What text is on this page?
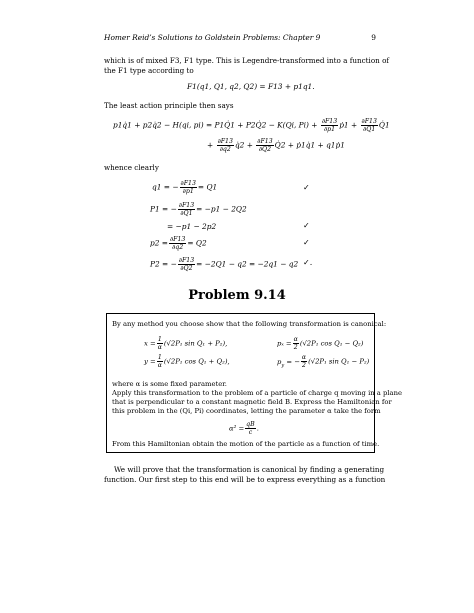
Homer Reid’s Solutions to Goldstein Problems: Chapter 9	9
which is of mixed F3, F1 type. This is Legendre-transformed into a function of
the F1 type according to
F1(q1, Q1, q2, Q2) = F13 + p1q1.
The least action principle then says
p1q̇1 + p2q̇2 − H(qi, pi) = P1Q̇1 + P2Q̇2 − K(Qi, $Pi) + \frac{\partial F13}{\partial p1}$ ṗ1 + $\frac{\partial F13}{\partial Q1}$ Q̇1
+ $\frac{\partial F13}{\partial q2}$ q̇2 + $\frac{\partial F13}{\partial Q2}$ Q̇2 + ṗ1q̇1 + q1ṗ1
whence clearly
q1 = − $\frac{\partial F13}{\partial p1} = Q1$	✓
P1 = − $\frac{\partial F13}{\partial Q1} = -p1 - 2Q2$
= −p1 − 2p2	✓
$p2 = \frac{\partial F13}{\partial q2} = Q2$	✓
P2 = − $\frac{\partial F13}{\partial Q2} = -2Q1 - q2 = -2q1 - q2$ ✓.
Problem 9.14
By any method you choose show that the following transformation is canonical:
$x = \frac{1}{\alpha} (√2P_1$ sin Q₁ + P₂),	$p_x = \frac{\alpha}{2} (√2P_1$ cos Q₁ − Q₂)
$y = \frac{1}{\alpha} (√2P_1$ cos Q₁ + Q₂),	$p_y$ = − $\frac{\alpha}{2} (√2P_1$ sin Q₁ − P₂)
where α is some fixed parameter.
Apply this transformation to the problem of a particle of charge q moving in a plane
that is perpendicular to a constant magnetic field B. Express the Hamiltonian for
this problem in the (Qi, Pi) coordinates, letting the parameter α take the form
$\alpha^2 = \frac{qB}{c}$ .
From this Hamiltonian obtain the motion of the particle as a function of time.
We will prove that the transformation is canonical by finding a generating
function. Our first step to this end will be to express everything as a function
